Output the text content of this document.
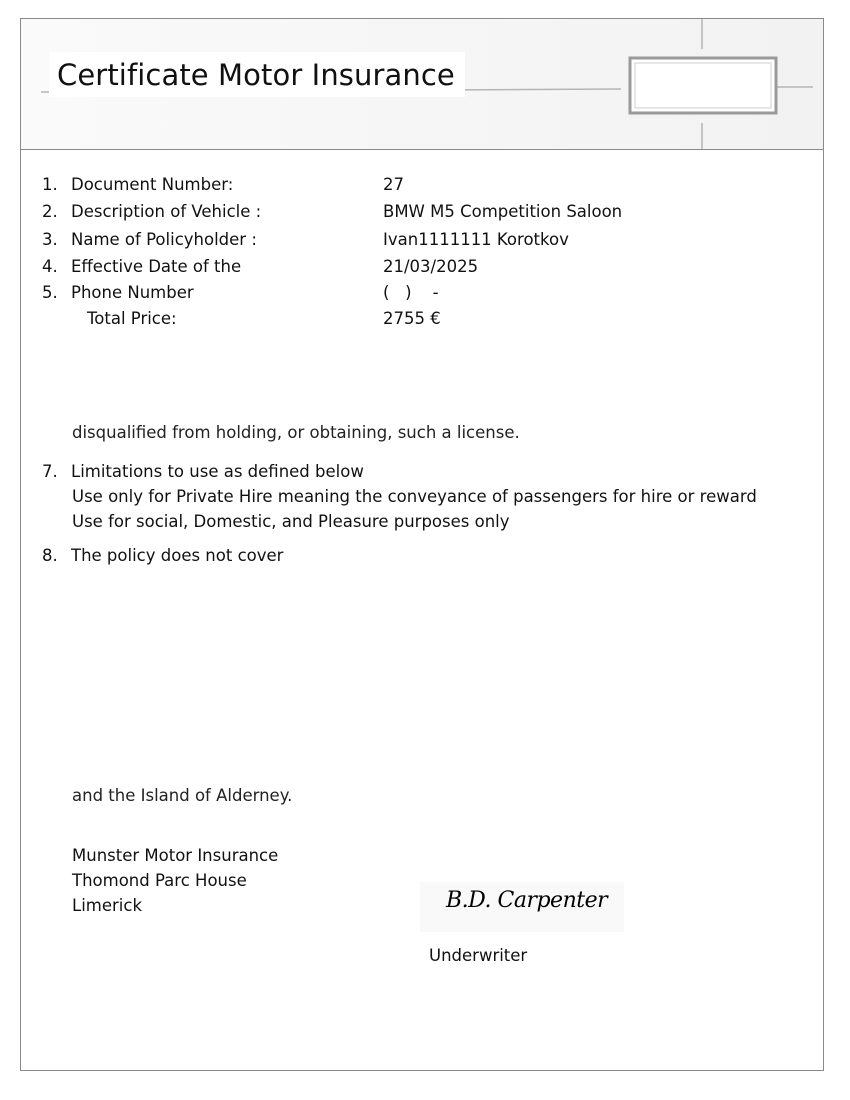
Certificate Motor Insurance
1. Document Number:	27
2. Description of Vehicle :	BMW M5 Competition Saloon
3. Name of Policyholder :	Ivan1111111 Korotkov
4. Effective Date of the	21/03/2025
5. Phone Number	(   )    -
Total Price:	2755 €
disqualified from holding, or obtaining, such a license.
7. Limitations to use as defined below
Use only for Private Hire meaning the conveyance of passengers for hire or reward
Use for social, Domestic, and Pleasure purposes only
8. The policy does not cover
and the Island of Alderney.
Munster Motor Insurance
Thomond Parc House
Limerick	B.D. Carpenter
Underwriter
